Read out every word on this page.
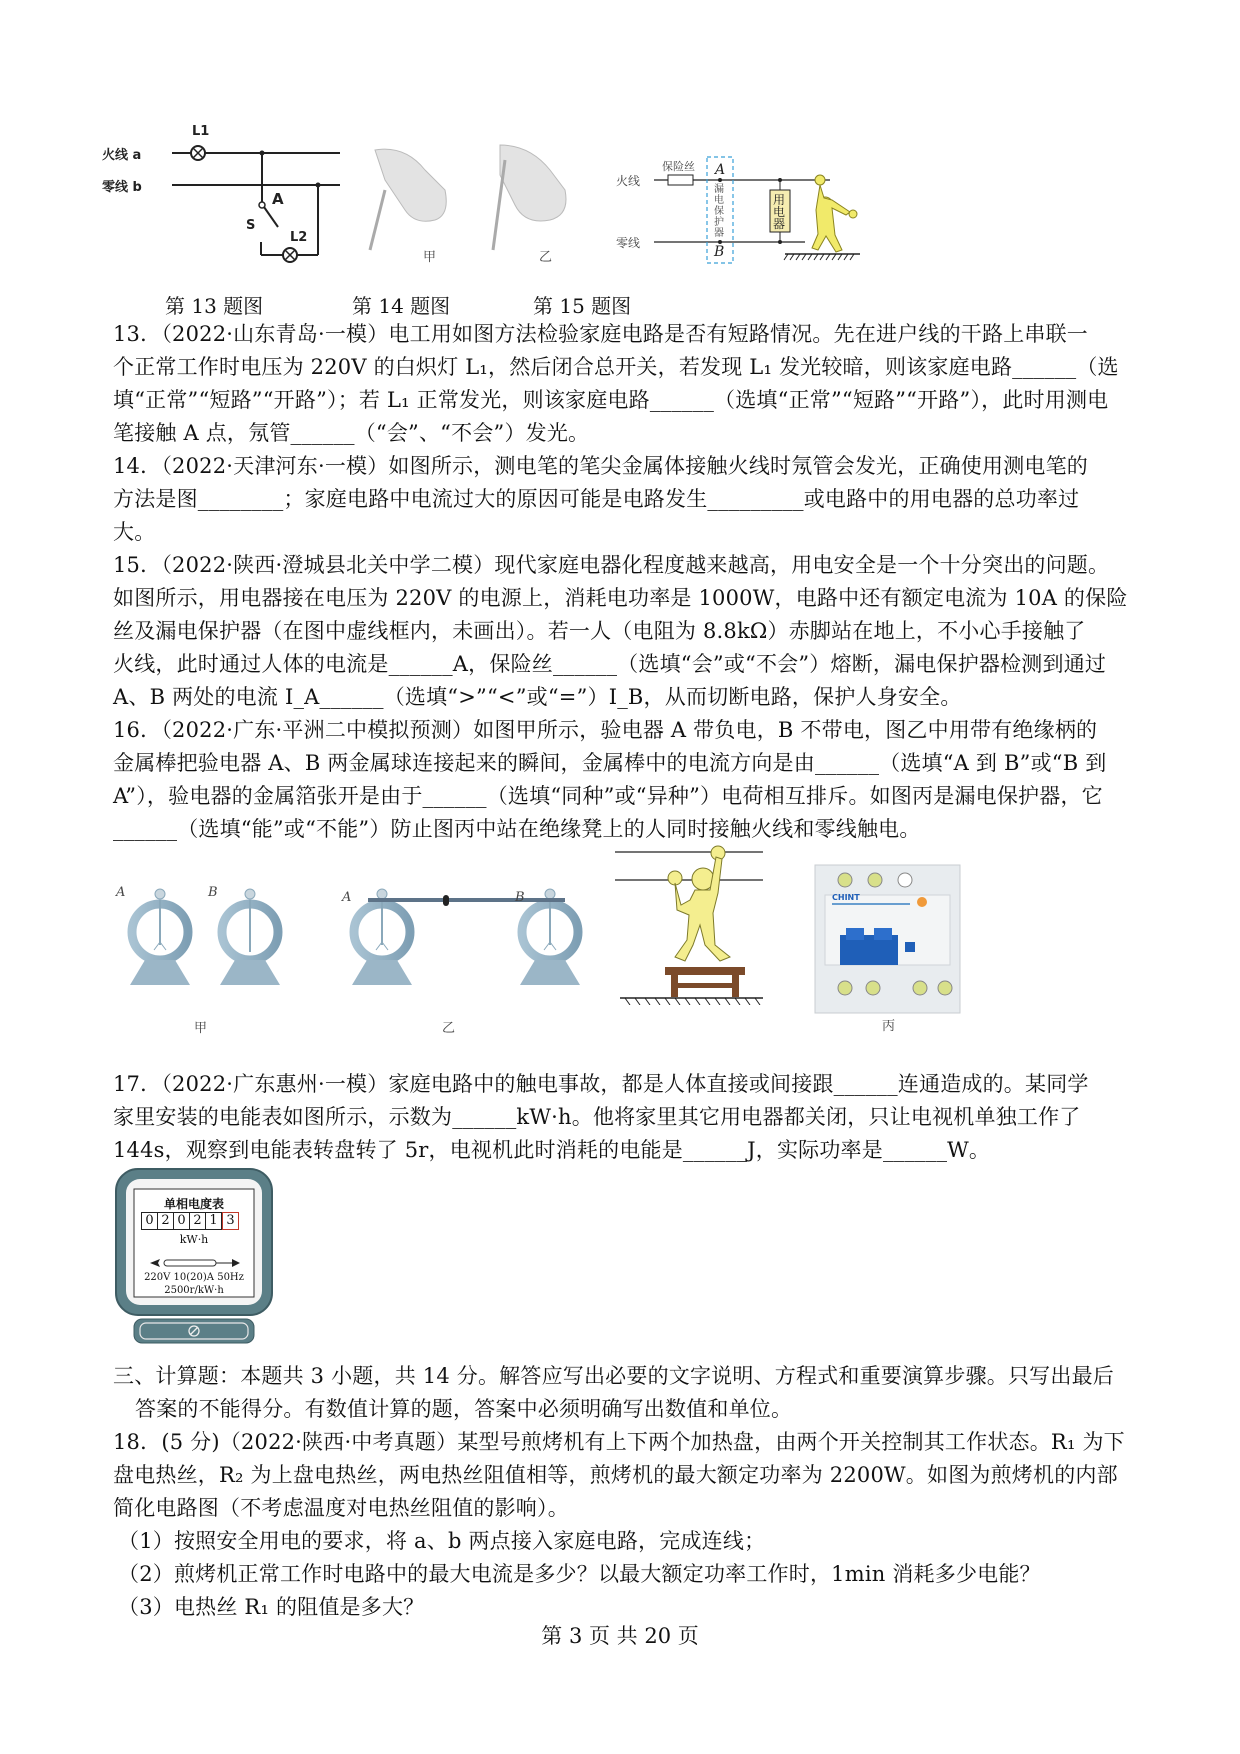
火线 a
零线 b
L1
A
S
L2
甲	乙
保险丝
火线
零线
A
B
漏电保护器
用电器
第 13 题图	第 14 题图	第 15 题图
13．（2022·山东青岛·一模）电工用如图方法检验家庭电路是否有短路情况。先在进户线的干路上串联一
个正常工作时电压为 220V 的白炽灯 L₁，然后闭合总开关，若发现 L₁ 发光较暗，则该家庭电路______（选
填“正常”“短路”“开路”）；若 L₁ 正常发光，则该家庭电路______（选填“正常”“短路”“开路”），此时用测电
笔接触 A 点，氖管______（“会”、“不会”）发光。
14．（2022·天津河东·一模）如图所示，测电笔的笔尖金属体接触火线时氖管会发光，正确使用测电笔的
方法是图________；家庭电路中电流过大的原因可能是电路发生_________或电路中的用电器的总功率过
大。
15．（2022·陕西·澄城县北关中学二模）现代家庭电器化程度越来越高，用电安全是一个十分突出的问题。
如图所示，用电器接在电压为 220V 的电源上，消耗电功率是 1000W，电路中还有额定电流为 10A 的保险
丝及漏电保护器（在图中虚线框内，未画出）。若一人（电阻为 8.8kΩ）赤脚站在地上，不小心手接触了
火线，此时通过人体的电流是______A，保险丝______（选填“会”或“不会”）熔断，漏电保护器检测到通过
A、B 两处的电流 I_A______（选填“>”“<”或“=”）I_B，从而切断电路，保护人身安全。
16．（2022·广东·平洲二中模拟预测）如图甲所示，验电器 A 带负电，B 不带电，图乙中用带有绝缘柄的
金属棒把验电器 A、B 两金属球连接起来的瞬间，金属棒中的电流方向是由______（选填“A 到 B”或“B 到
A”），验电器的金属箔张开是由于______（选填“同种”或“异种”）电荷相互排斥。如图丙是漏电保护器，它
______（选填“能”或“不能”）防止图丙中站在绝缘凳上的人同时接触火线和零线触电。
A	B	A	B
甲	乙
CHINT
丙
17．（2022·广东惠州·一模）家庭电路中的触电事故，都是人体直接或间接跟______连通造成的。某同学
家里安装的电能表如图所示，示数为______kW·h。他将家里其它用电器都关闭，只让电视机单独工作了
144s，观察到电能表转盘转了 5r，电视机此时消耗的电能是______J，实际功率是______W。
单相电度表
0 2 0 2 1 3
kW·h
220V 10(20)A 50Hz
2500r/kW·h
三、计算题：本题共 3 小题，共 14 分。解答应写出必要的文字说明、方程式和重要演算步骤。只写出最后
答案的不能得分。有数值计算的题，答案中必须明确写出数值和单位。
18．(5 分)（2022·陕西·中考真题）某型号煎烤机有上下两个加热盘，由两个开关控制其工作状态。R₁ 为下
盘电热丝，R₂ 为上盘电热丝，两电热丝阻值相等，煎烤机的最大额定功率为 2200W。如图为煎烤机的内部
简化电路图（不考虑温度对电热丝阻值的影响）。
（1）按照安全用电的要求，将 a、b 两点接入家庭电路，完成连线；
（2）煎烤机正常工作时电路中的最大电流是多少？以最大额定功率工作时，1min 消耗多少电能？
（3）电热丝 R₁ 的阻值是多大？
第 3 页 共 20 页
